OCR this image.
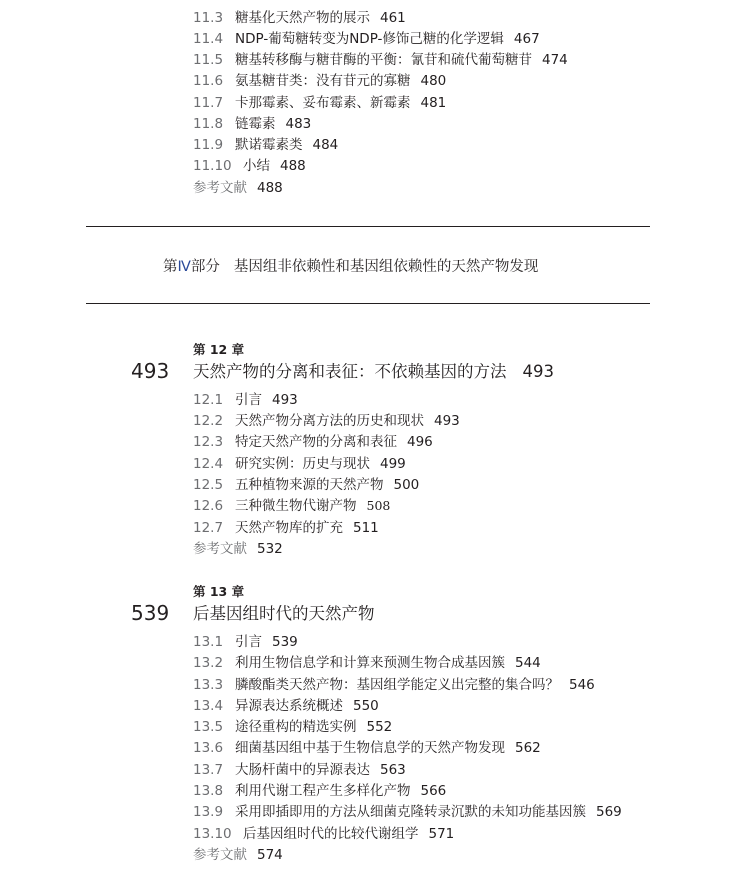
11.3 糖基化天然产物的展示 461
11.4 NDP-葡萄糖转变为NDP-修饰己糖的化学逻辑 467
11.5 糖基转移酶与糖苷酶的平衡：氰苷和硫代葡萄糖苷 474
11.6 氨基糖苷类：没有苷元的寡糖 480
11.7 卡那霉素、妥布霉素、新霉素 481
11.8 链霉素 483
11.9 默诺霉素类 484
11.10 小结 488
参考文献 488
第Ⅳ部分 基因组非依赖性和基因组依赖性的天然产物发现
第 12 章
493 天然产物的分离和表征：不依赖基因的方法 493
12.1 引言 493
12.2 天然产物分离方法的历史和现状 493
12.3 特定天然产物的分离和表征 496
12.4 研究实例：历史与现状 499
12.5 五种植物来源的天然产物 500
12.6 三种微生物代谢产物 508
12.7 天然产物库的扩充 511
参考文献 532
第 13 章
539 后基因组时代的天然产物
13.1 引言 539
13.2 利用生物信息学和计算来预测生物合成基因簇 544
13.3 膦酸酯类天然产物：基因组学能定义出完整的集合吗？ 546
13.4 异源表达系统概述 550
13.5 途径重构的精选实例 552
13.6 细菌基因组中基于生物信息学的天然产物发现 562
13.7 大肠杆菌中的异源表达 563
13.8 利用代谢工程产生多样化产物 566
13.9 采用即插即用的方法从细菌克隆转录沉默的未知功能基因簇 569
13.10 后基因组时代的比较代谢组学 571
参考文献 574
